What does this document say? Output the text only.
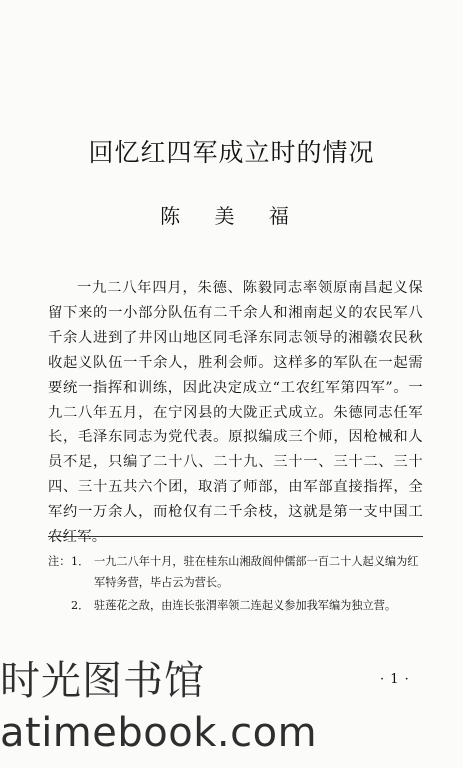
回忆红四军成立时的情况
陈 美 福
一九二八年四月，朱德、陈毅同志率领原南昌起义保留下来的一小部分队伍有二千余人和湘南起义的农民军八千余人进到了井冈山地区同毛泽东同志领导的湘赣农民秋收起义队伍一千余人，胜利会师。这样多的军队在一起需要统一指挥和训练，因此决定成立“工农红军第四军”。一九二八年五月，在宁冈县的大陇正式成立。朱德同志任军长，毛泽东同志为党代表。原拟编成三个师，因枪械和人员不足，只编了二十八、二十九、三十一、三十二、三十四、三十五共六个团，取消了师部，由军部直接指挥，全军约一万余人，而枪仅有二千余枝，这就是第一支中国工农红军。
注： 1． 一九二八年十月，驻在桂东山湘敌阎仲儒部一百二十人起义编为红军特务营，毕占云为营长。
2． 驻莲花之敌，由连长张渭率领二连起义参加我军编为独立营。
· 1 ·
时光图书馆
atimebook.com
